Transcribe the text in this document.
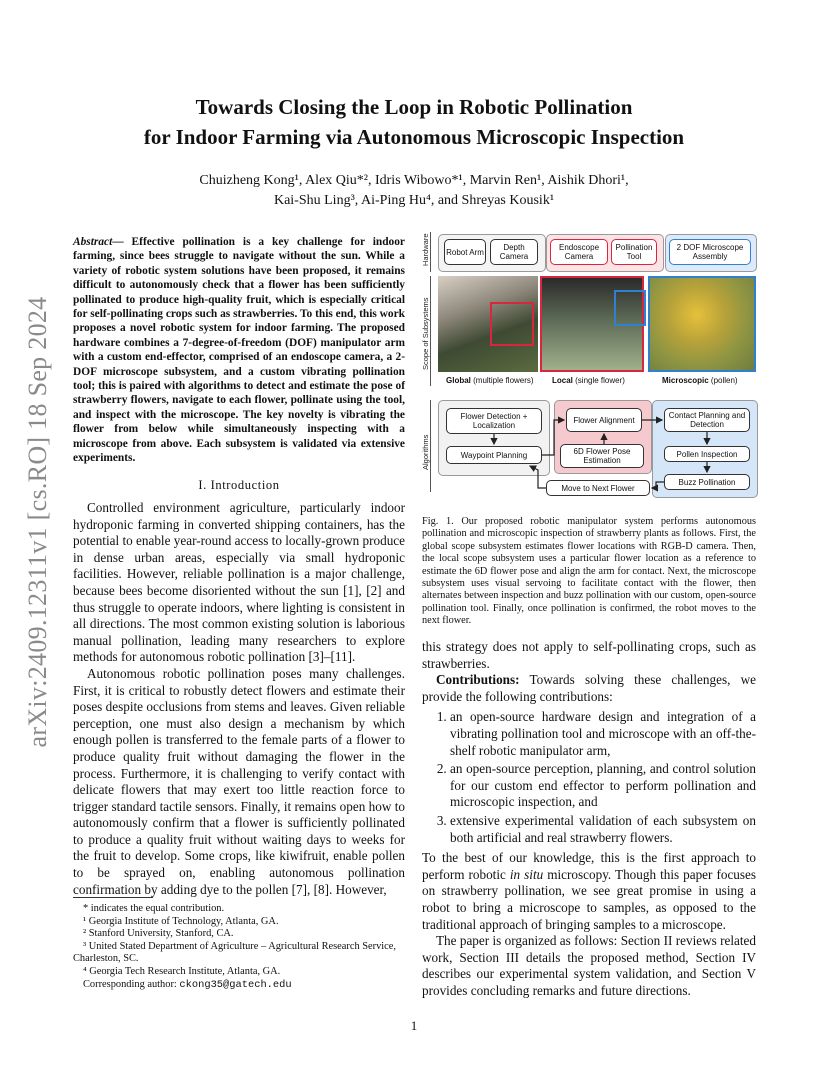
arXiv:2409.12311v1 [cs.RO] 18 Sep 2024
Towards Closing the Loop in Robotic Pollination
for Indoor Farming via Autonomous Microscopic Inspection
Chuizheng Kong¹, Alex Qiu*², Idris Wibowo*¹, Marvin Ren¹, Aishik Dhori¹,
Kai-Shu Ling³, Ai-Ping Hu⁴, and Shreyas Kousik¹
Abstract— Effective pollination is a key challenge for indoor farming, since bees struggle to navigate without the sun. While a variety of robotic system solutions have been proposed, it remains difficult to autonomously check that a flower has been sufficiently pollinated to produce high-quality fruit, which is especially critical for self-pollinating crops such as strawberries. To this end, this work proposes a novel robotic system for indoor farming. The proposed hardware combines a 7-degree-of-freedom (DOF) manipulator arm with a custom end-effector, comprised of an endoscope camera, a 2-DOF microscope subsystem, and a custom vibrating pollination tool; this is paired with algorithms to detect and estimate the pose of strawberry flowers, navigate to each flower, pollinate using the tool, and inspect with the microscope. The key novelty is vibrating the flower from below while simultaneously inspecting with a microscope from above. Each subsystem is validated via extensive experiments.
I. Introduction

Controlled environment agriculture, particularly indoor hydroponic farming in converted shipping containers, has the potential to enable year-round access to locally-grown produce in dense urban areas, especially via small hydroponic facilities. However, reliable pollination is a major challenge, because bees become disoriented without the sun [1], [2] and thus struggle to operate indoors, where lighting is consistent in all directions. The most common existing solution is laborious manual pollination, leading many researchers to explore methods for autonomous robotic pollination [3]–[11].

Autonomous robotic pollination poses many challenges. First, it is critical to robustly detect flowers and estimate their poses despite occlusions from stems and leaves. Given reliable perception, one must also design a mechanism by which enough pollen is transferred to the female parts of a flower to produce quality fruit without damaging the flower in the process. Furthermore, it is challenging to verify contact with delicate flowers that may exert too little reaction force to trigger standard tactile sensors. Finally, it remains open how to autonomously confirm that a flower is sufficiently pollinated to produce a quality fruit without waiting days to weeks for the fruit to develop. Some crops, like kiwifruit, enable pollen to be sprayed on, enabling autonomous pollination confirmation by adding dye to the pollen [7], [8]. However,

* indicates the equal contribution.
¹ Georgia Institute of Technology, Atlanta, GA.
² Stanford University, Stanford, CA.
³ United Stated Department of Agriculture – Agricultural Research Service, Charleston, SC.
⁴ Georgia Tech Research Institute, Atlanta, GA.
Corresponding author: ckong35@gatech.edu
Hardware
Scope of Subsystems
Algorithms
Robot Arm	Depth Camera
Endoscope Camera
Pollination Tool
2 DOF Microscope Assembly
Global (multiple flowers) Local (single flower)	Microscopic (pollen)
Flower Detection + Localization
Waypoint Planning
Flower Alignment
6D Flower Pose Estimation
Move to Next Flower
Contact Planning and Detection
Pollen Inspection
Buzz Pollination
Fig. 1. Our proposed robotic manipulator system performs autonomous pollination and microscopic inspection of strawberry plants as follows. First, the global scope subsystem estimates flower locations with RGB-D camera. Then, the local scope subsystem uses a particular flower location as a reference to estimate the 6D flower pose and align the arm for contact. Next, the microscope subsystem uses visual servoing to facilitate contact with the flower, then alternates between inspection and buzz pollination with our custom, open-source pollination tool. Finally, once pollination is confirmed, the robot moves to the next flower.

this strategy does not apply to self-pollinating crops, such as strawberries.

Contributions: Towards solving these challenges, we provide the following contributions:

1. an open-source hardware design and integration of a vibrating pollination tool and microscope with an off-the-shelf robotic manipulator arm,
2. an open-source perception, planning, and control solution for our custom end effector to perform pollination and microscopic inspection, and
3. extensive experimental validation of each subsystem on both artificial and real strawberry flowers.

To the best of our knowledge, this is the first approach to perform robotic in situ microscopy. Though this paper focuses on strawberry pollination, we see great promise in using a robot to bring a microscope to samples, as opposed to the traditional approach of bringing samples to a microscope.

The paper is organized as follows: Section II reviews related work, Section III details the proposed method, Section IV describes our experimental system validation, and Section V provides concluding remarks and future directions.

1
